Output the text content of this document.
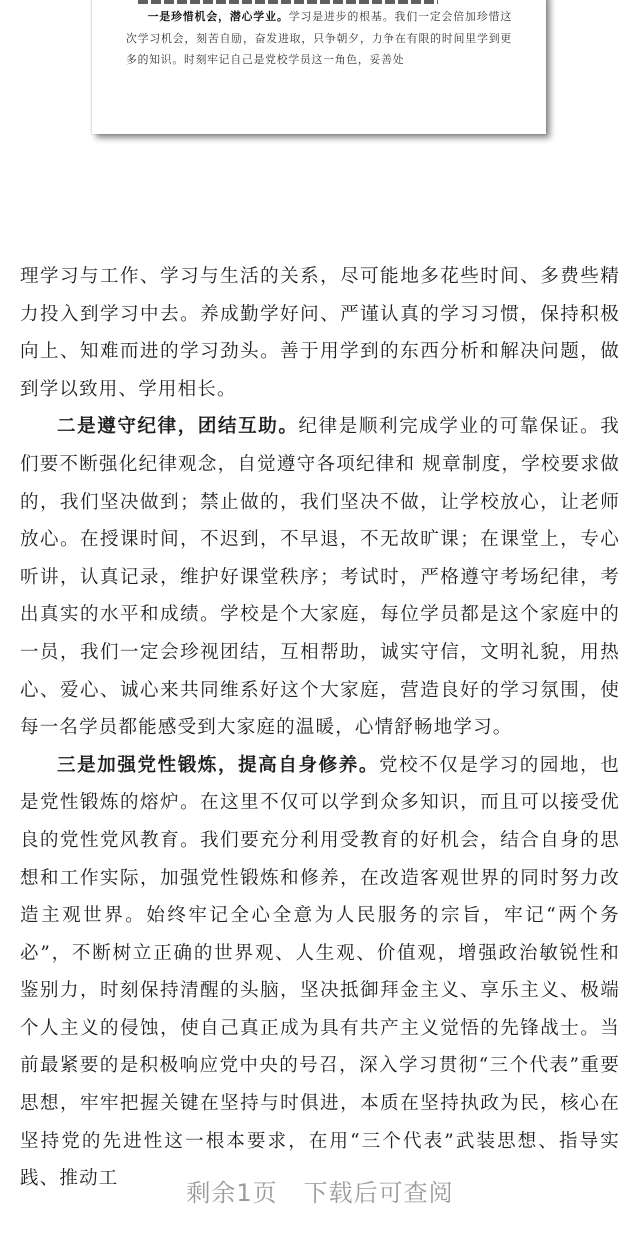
一是珍惜机会，潜心学业。学习是进步的根基。我们一定会倍加珍惜这次学习机会，刻苦自励，奋发进取，只争朝夕，力争在有限的时间里学到更多的知识。时刻牢记自己是党校学员这一角色，妥善处

理学习与工作、学习与生活的关系，尽可能地多花些时间、多费些精力投入到学习中去。养成勤学好问、严谨认真的学习习惯，保持积极向上、知难而进的学习劲头。善于用学到的东西分析和解决问题，做到学以致用、学用相长。

二是遵守纪律，团结互助。纪律是顺利完成学业的可靠保证。我们要不断强化纪律观念，自觉遵守各项纪律和 规章制度，学校要求做的，我们坚决做到；禁止做的，我们坚决不做，让学校放心，让老师放心。在授课时间，不迟到，不早退，不无故旷课；在课堂上，专心听讲，认真记录，维护好课堂秩序；考试时，严格遵守考场纪律，考出真实的水平和成绩。学校是个大家庭，每位学员都是这个家庭中的一员，我们一定会珍视团结，互相帮助，诚实守信，文明礼貌，用热心、爱心、诚心来共同维系好这个大家庭，营造良好的学习氛围，使每一名学员都能感受到大家庭的温暖，心情舒畅地学习。

三是加强党性锻炼，提高自身修养。党校不仅是学习的园地，也是党性锻炼的熔炉。在这里不仅可以学到众多知识，而且可以接受优良的党性党风教育。我们要充分利用受教育的好机会，结合自身的思想和工作实际，加强党性锻炼和修养，在改造客观世界的同时努力改造主观世界。始终牢记全心全意为人民服务的宗旨，牢记“两个务必”，不断树立正确的世界观、人生观、价值观，增强政治敏锐性和鉴别力，时刻保持清醒的头脑，坚决抵御拜金主义、享乐主义、极端个人主义的侵蚀，使自己真正成为具有共产主义觉悟的先锋战士。当前最紧要的是积极响应党中央的号召，深入学习贯彻“三个代表”重要思想，牢牢把握关键在坚持与时俱进，本质在坚持执政为民，核心在坚持党的先进性这一根本要求，在用“三个代表”武装思想、指导实践、推动工

剩余1页 下载后可查阅
